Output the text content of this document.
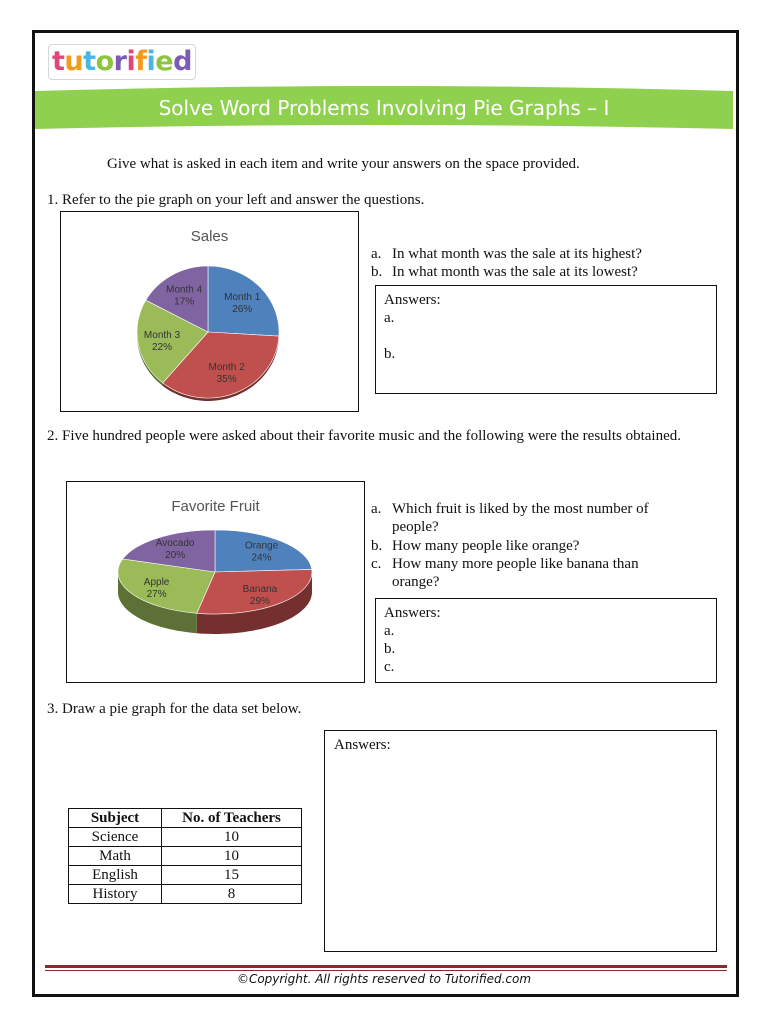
tutorified
Solve Word Problems Involving Pie Graphs – I
Give what is asked in each item and write your answers on the space provided.
1. Refer to the pie graph on your left and answer the questions.
Sales
Month 1
26%
Month 2
35%
Month 3
22%
Month 4
17%
a. In what month was the sale at its highest?
b. In what month was the sale at its lowest?
Answers:
a.
b.
2. Five hundred people were asked about their favorite music and the following were the results obtained.
Favorite Fruit
Orange
24%
Banana
29%
Apple
27%
Avocado
20%
a. Which fruit is liked by the most number of people?
b. How many people like orange?
c. How many more people like banana than orange?
Answers:
a.
b.
c.
3. Draw a pie graph for the data set below.
Subject	No. of Teachers
Science	10
Math	10
English	15
History	8
Answers:
©Copyright. All rights reserved to Tutorified.com
